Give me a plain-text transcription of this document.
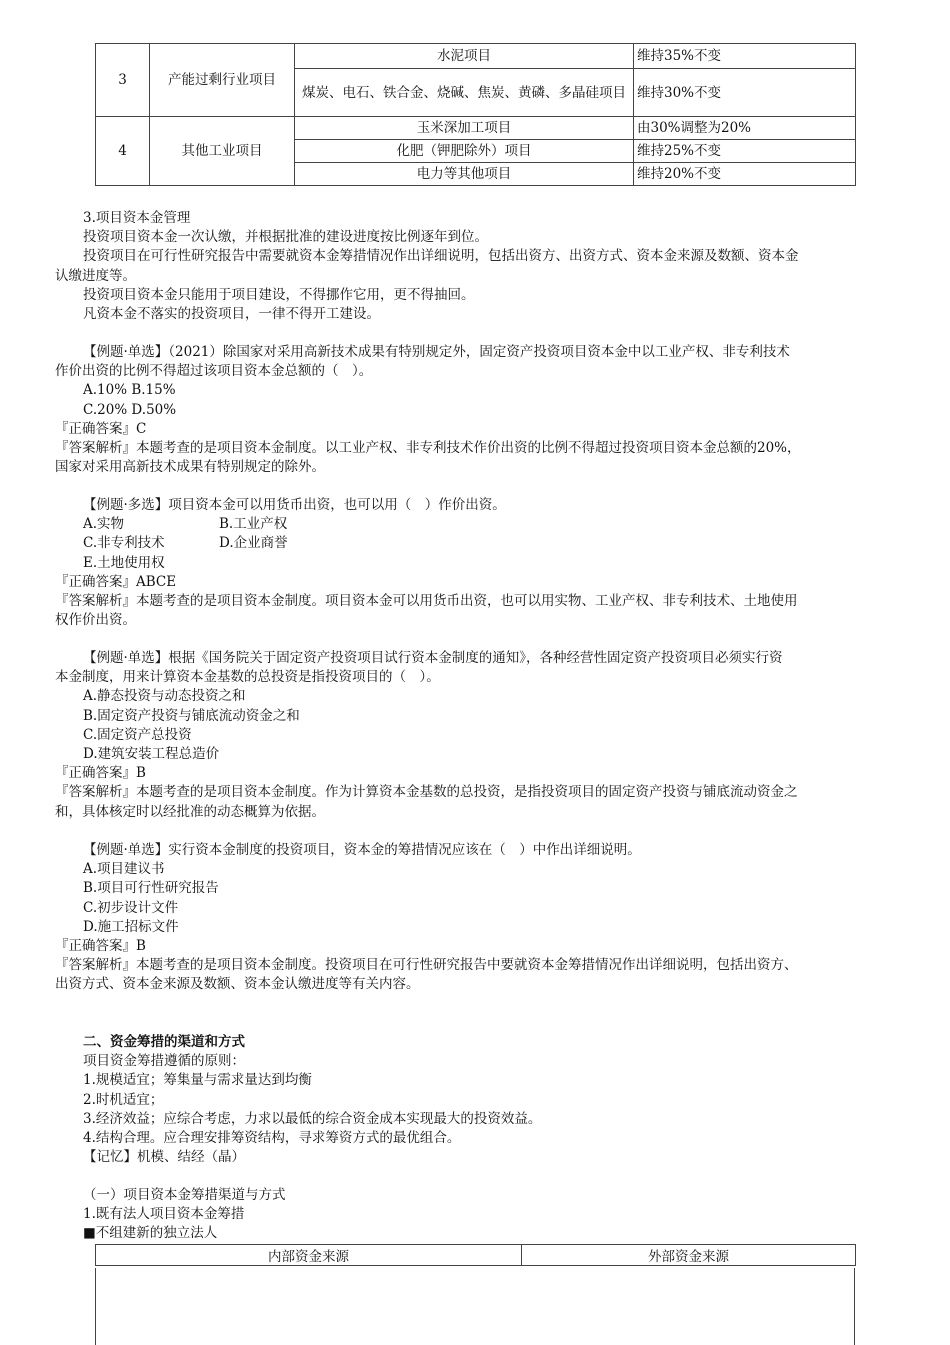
3	产能过剩行业项目	水泥项目	维持35%不变
		煤炭、电石、铁合金、烧碱、焦炭、黄磷、多晶硅项目	维持30%不变
4	其他工业项目	玉米深加工项目	由30%调整为20%
		化肥（钾肥除外）项目	维持25%不变
		电力等其他项目	维持20%不变
3.项目资本金管理
投资项目资本金一次认缴，并根据批准的建设进度按比例逐年到位。
投资项目在可行性研究报告中需要就资本金筹措情况作出详细说明，包括出资方、出资方式、资本金来源及数额、资本金
认缴进度等。
投资项目资本金只能用于项目建设，不得挪作它用，更不得抽回。
凡资本金不落实的投资项目，一律不得开工建设。
【例题·单选】（2021）除国家对采用高新技术成果有特别规定外，固定资产投资项目资本金中以工业产权、非专利技术
作价出资的比例不得超过该项目资本金总额的（　）。
A.10% B.15%
C.20% D.50%
『正确答案』C
『答案解析』本题考查的是项目资本金制度。以工业产权、非专利技术作价出资的比例不得超过投资项目资本金总额的20%，
国家对采用高新技术成果有特别规定的除外。
【例题·多选】项目资本金可以用货币出资，也可以用（　）作价出资。
A.实物	B.工业产权
C.非专利技术	D.企业商誉
E.土地使用权
『正确答案』ABCE
『答案解析』本题考查的是项目资本金制度。项目资本金可以用货币出资，也可以用实物、工业产权、非专利技术、土地使用
权作价出资。
【例题·单选】根据《国务院关于固定资产投资项目试行资本金制度的通知》，各种经营性固定资产投资项目必须实行资
本金制度，用来计算资本金基数的总投资是指投资项目的（　）。
A.静态投资与动态投资之和
B.固定资产投资与铺底流动资金之和
C.固定资产总投资
D.建筑安装工程总造价
『正确答案』B
『答案解析』本题考查的是项目资本金制度。作为计算资本金基数的总投资，是指投资项目的固定资产投资与铺底流动资金之
和，具体核定时以经批准的动态概算为依据。
【例题·单选】实行资本金制度的投资项目，资本金的筹措情况应该在（　）中作出详细说明。
A.项目建议书
B.项目可行性研究报告
C.初步设计文件
D.施工招标文件
『正确答案』B
『答案解析』本题考查的是项目资本金制度。投资项目在可行性研究报告中要就资本金筹措情况作出详细说明，包括出资方、
出资方式、资本金来源及数额、资本金认缴进度等有关内容。
二、资金筹措的渠道和方式
项目资金筹措遵循的原则：
1.规模适宜；筹集量与需求量达到均衡
2.时机适宜；
3.经济效益；应综合考虑，力求以最低的综合资金成本实现最大的投资效益。
4.结构合理。应合理安排筹资结构，寻求筹资方式的最优组合。
【记忆】机模、结经（晶）
（一）项目资本金筹措渠道与方式
1.既有法人项目资本金筹措
■不组建新的独立法人
内部资金来源	外部资金来源
